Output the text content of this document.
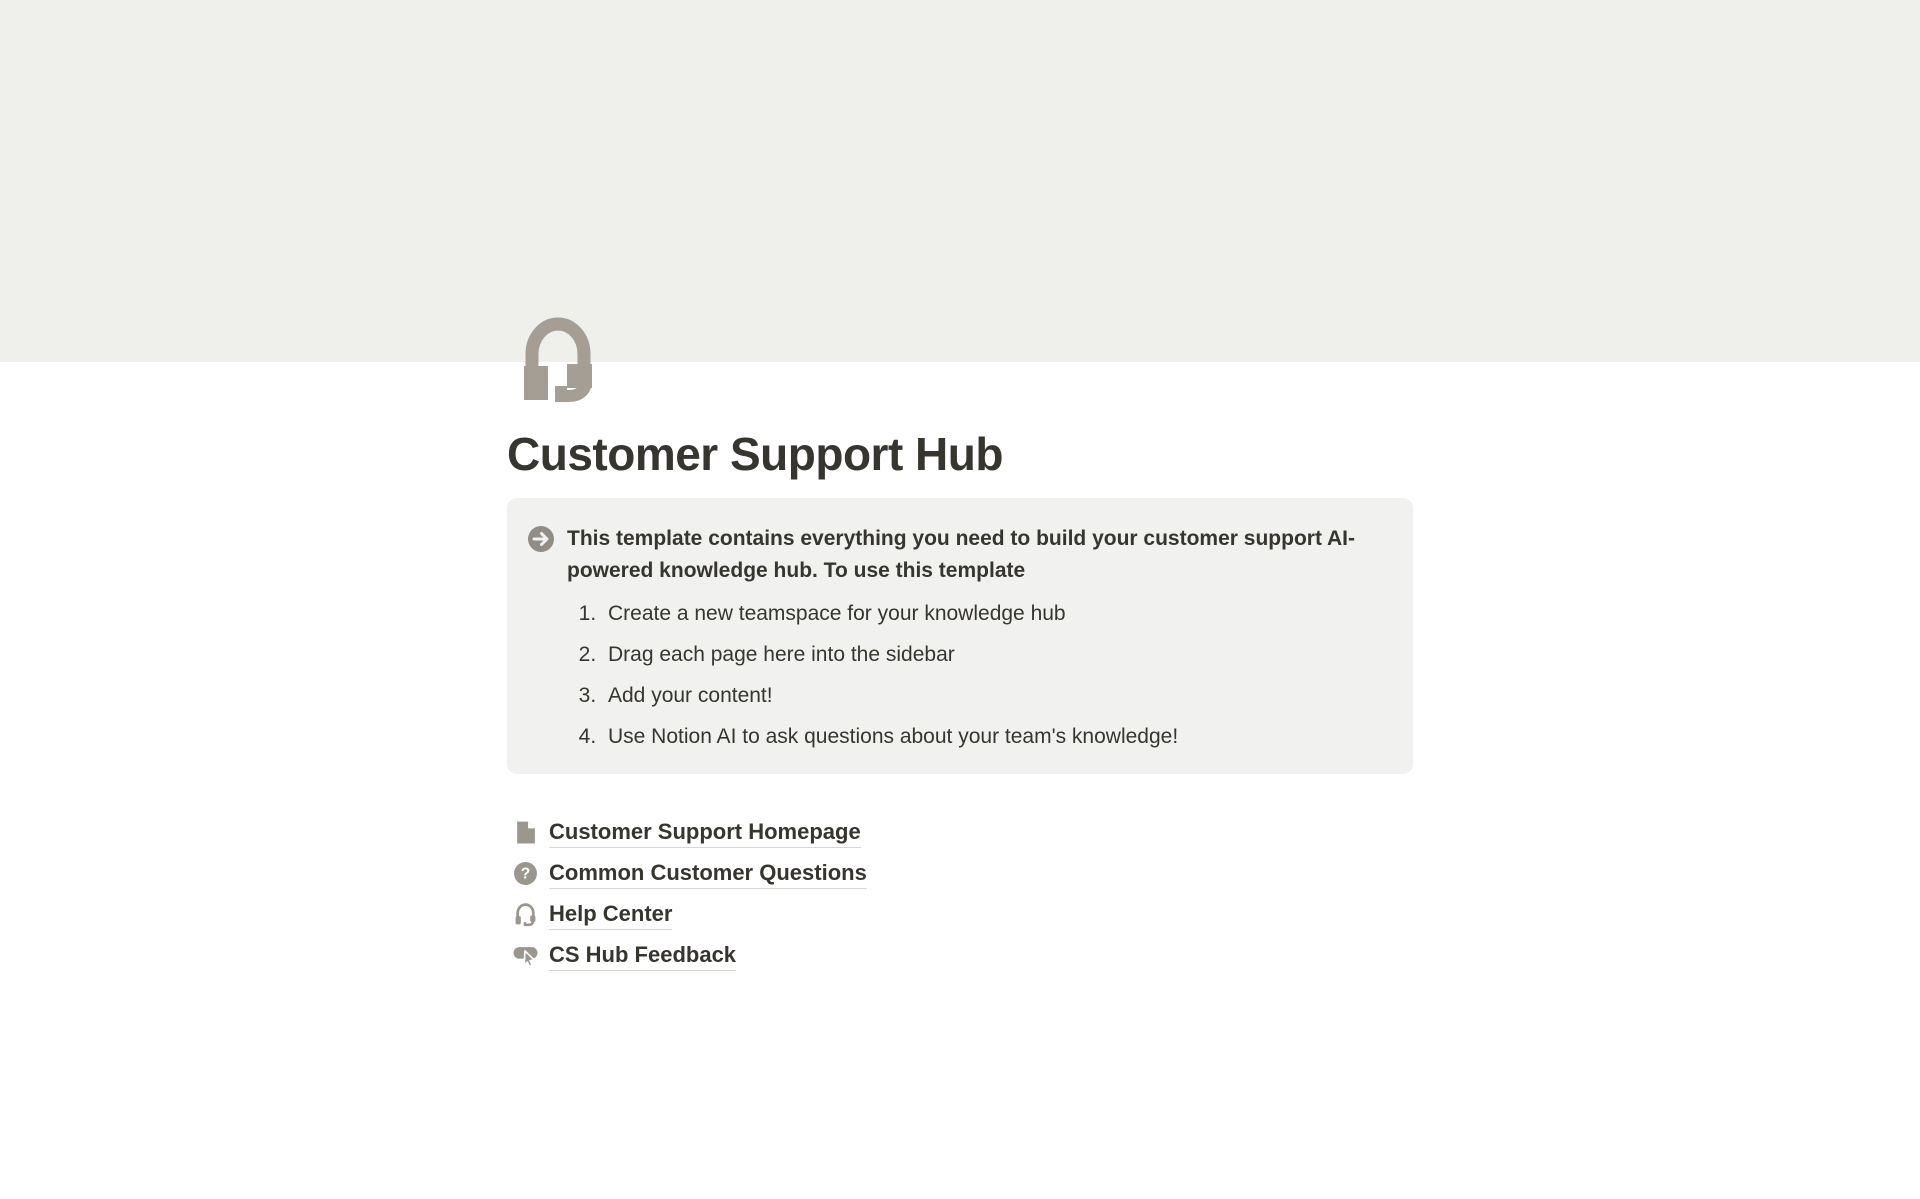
Customer Support Hub
This template contains everything you need to build your customer support AI-powered knowledge hub. To use this template
1. Create a new teamspace for your knowledge hub
2. Drag each page here into the sidebar
3. Add your content!
4. Use Notion AI to ask questions about your team's knowledge!
Customer Support Homepage
? Common Customer Questions
Help Center
CS Hub Feedback
